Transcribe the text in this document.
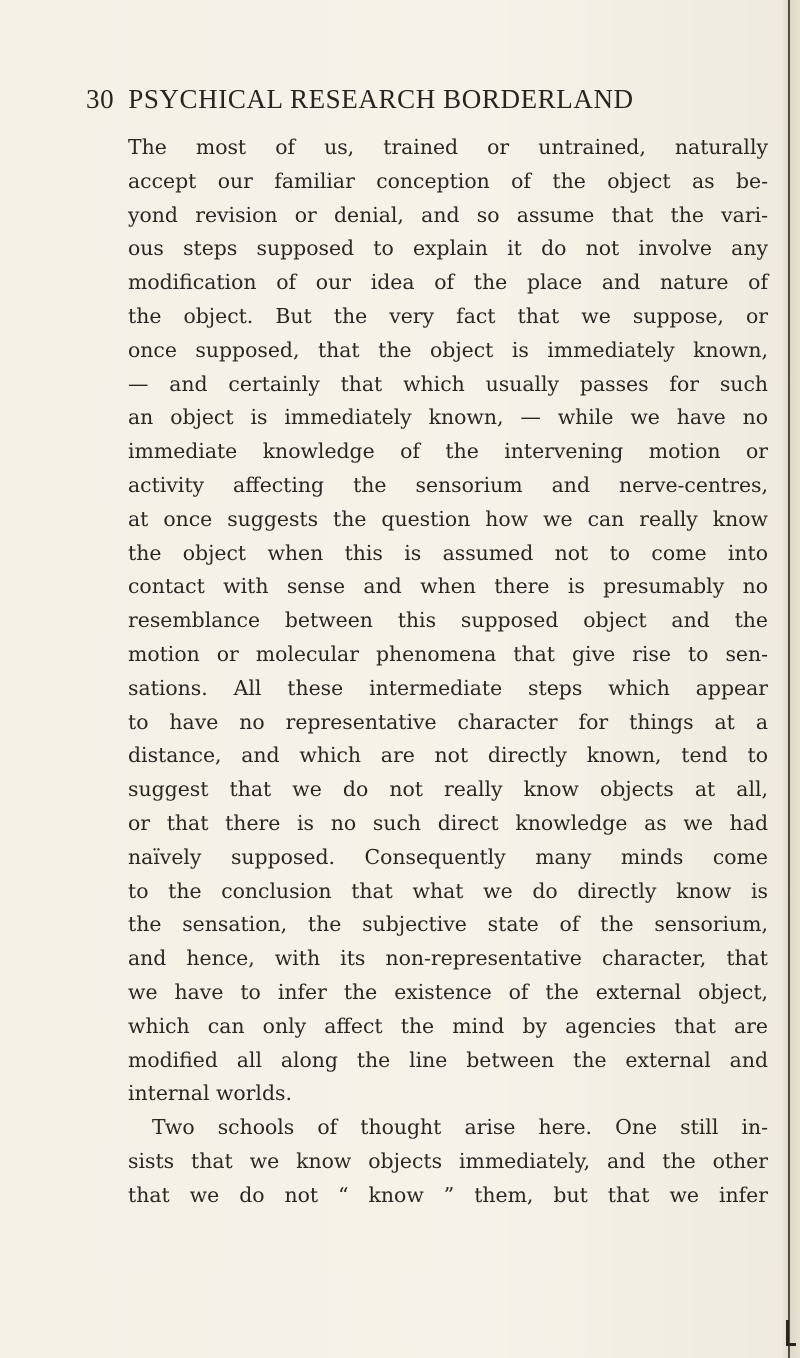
30 PSYCHICAL RESEARCH BORDERLAND
The most of us, trained or untrained, naturally
accept our familiar conception of the object as be-
yond revision or denial, and so assume that the vari-
ous steps supposed to explain it do not involve any
modification of our idea of the place and nature of
the object. But the very fact that we suppose, or
once supposed, that the object is immediately known,
— and certainly that which usually passes for such
an object is immediately known, — while we have no
immediate knowledge of the intervening motion or
activity affecting the sensorium and nerve-centres,
at once suggests the question how we can really know
the object when this is assumed not to come into
contact with sense and when there is presumably no
resemblance between this supposed object and the
motion or molecular phenomena that give rise to sen-
sations. All these intermediate steps which appear
to have no representative character for things at a
distance, and which are not directly known, tend to
suggest that we do not really know objects at all,
or that there is no such direct knowledge as we had
naïvely supposed. Consequently many minds come
to the conclusion that what we do directly know is
the sensation, the subjective state of the sensorium,
and hence, with its non-representative character, that
we have to infer the existence of the external object,
which can only affect the mind by agencies that are
modified all along the line between the external and
internal worlds.
Two schools of thought arise here. One still in-
sists that we know objects immediately, and the other
that we do not “ know ” them, but that we infer
